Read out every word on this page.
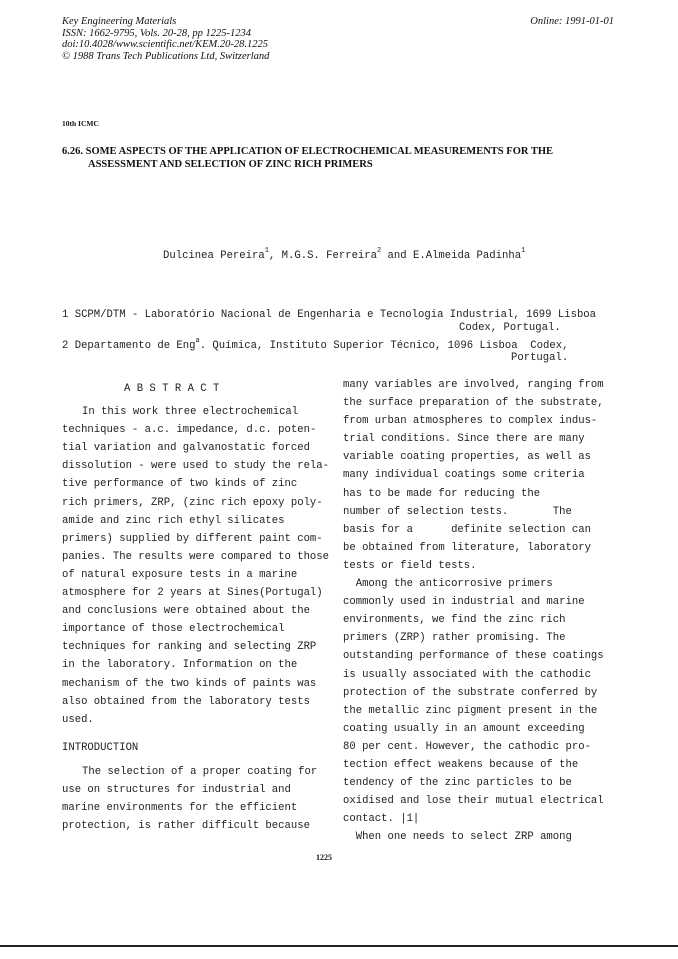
Key Engineering Materials	Online: 1991-01-01
ISSN: 1662-9795, Vols. 20-28, pp 1225-1234
doi:10.4028/www.scientific.net/KEM.20-28.1225
© 1988 Trans Tech Publications Ltd, Switzerland
10th ICMC
6.26. SOME ASPECTS OF THE APPLICATION OF ELECTROCHEMICAL MEASUREMENTS FOR THE
ASSESSMENT AND SELECTION OF ZINC RICH PRIMERS
Dulcinea Pereira$^1$, M.G.S. Ferreira$^2$ and E.Almeida Padinha$^1$
1 SCPM/DTM - Laboratório Nacional de Engenharia e Tecnologia Industrial, 1699 Lisboa
Codex, Portugal.
2 Departamento de Eng$^a$. Química, Instituto Superior Técnico, 1096 Lisboa  Codex,
Portugal.

A B S T R A C T

In this work three electrochemical

techniques - a.c. impedance, d.c. poten-

tial variation and galvanostatic forced

dissolution - were used to study the rela-

tive performance of two kinds of zinc

rich primers, ZRP, (zinc rich epoxy poly-

amide and zinc rich ethyl silicates

primers) supplied by different paint com-

panies. The results were compared to those

of natural exposure tests in a marine

atmosphere for 2 years at Sines(Portugal)

and conclusions were obtained about the

importance of those electrochemical

techniques for ranking and selecting ZRP

in the laboratory. Information on the

mechanism of the two kinds of paints was

also obtained from the laboratory tests

used.

INTRODUCTION

The selection of a proper coating for

use on structures for industrial and

marine environments for the efficient

protection, is rather difficult because

many variables are involved, ranging from

the surface preparation of the substrate,

from urban atmospheres to complex indus-

trial conditions. Since there are many

variable coating properties, as well as

many individual coatings some criteria

has to be made for reducing the

number of selection tests.       The

basis for a      definite selection can

be obtained from literature, laboratory

tests or field tests.

Among the anticorrosive primers

commonly used in industrial and marine

environments, we find the zinc rich

primers (ZRP) rather promising. The

outstanding performance of these coatings

is usually associated with the cathodic

protection of the substrate conferred by

the metallic zinc pigment present in the

coating usually in an amount exceeding

80 per cent. However, the cathodic pro-

tection effect weakens because of the

tendency of the zinc particles to be

oxidised and lose their mutual electrical

contact. |1|

When one needs to select ZRP among

1225
